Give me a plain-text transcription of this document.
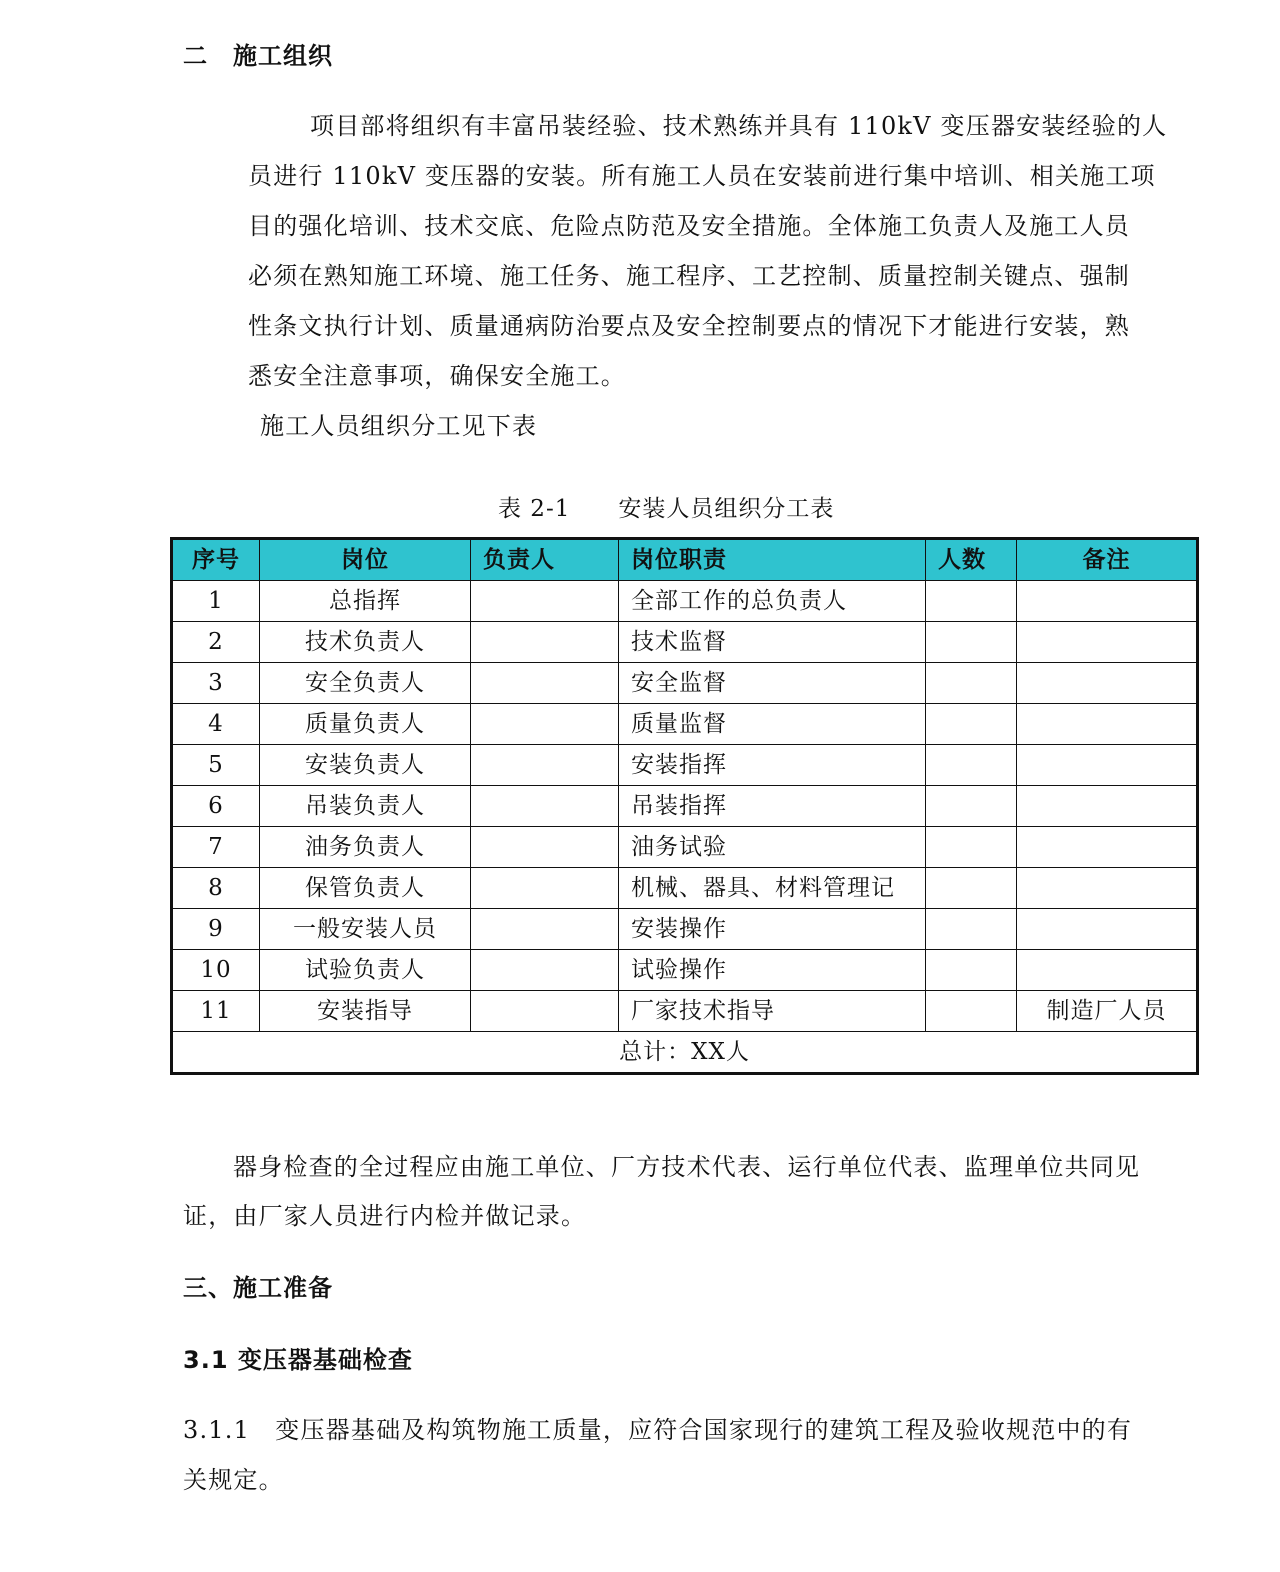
二　施工组织
项目部将组织有丰富吊装经验、技术熟练并具有 110kV 变压器安装经验的人
员进行 110kV 变压器的安装。所有施工人员在安装前进行集中培训、相关施工项
目的强化培训、技术交底、危险点防范及安全措施。全体施工负责人及施工人员
必须在熟知施工环境、施工任务、施工程序、工艺控制、质量控制关键点、强制
性条文执行计划、质量通病防治要点及安全控制要点的情况下才能进行安装，熟
悉安全注意事项，确保安全施工。
施工人员组织分工见下表
表 2-1　　安装人员组织分工表
序号	岗位	负责人	岗位职责	人数	备注
1	总指挥		全部工作的总负责人		
2	技术负责人		技术监督		
3	安全负责人		安全监督		
4	质量负责人		质量监督		
5	安装负责人		安装指挥		
6	吊装负责人		吊装指挥		
7	油务负责人		油务试验		
8	保管负责人		机械、器具、材料管理记		
9	一般安装人员		安装操作		
10	试验负责人		试验操作		
11	安装指导		厂家技术指导		制造厂人员
总计：XX人					
器身检查的全过程应由施工单位、厂方技术代表、运行单位代表、监理单位共同见
证，由厂家人员进行内检并做记录。
三、施工准备
3.1 变压器基础检查
3.1.1　变压器基础及构筑物施工质量，应符合国家现行的建筑工程及验收规范中的有
关规定。
